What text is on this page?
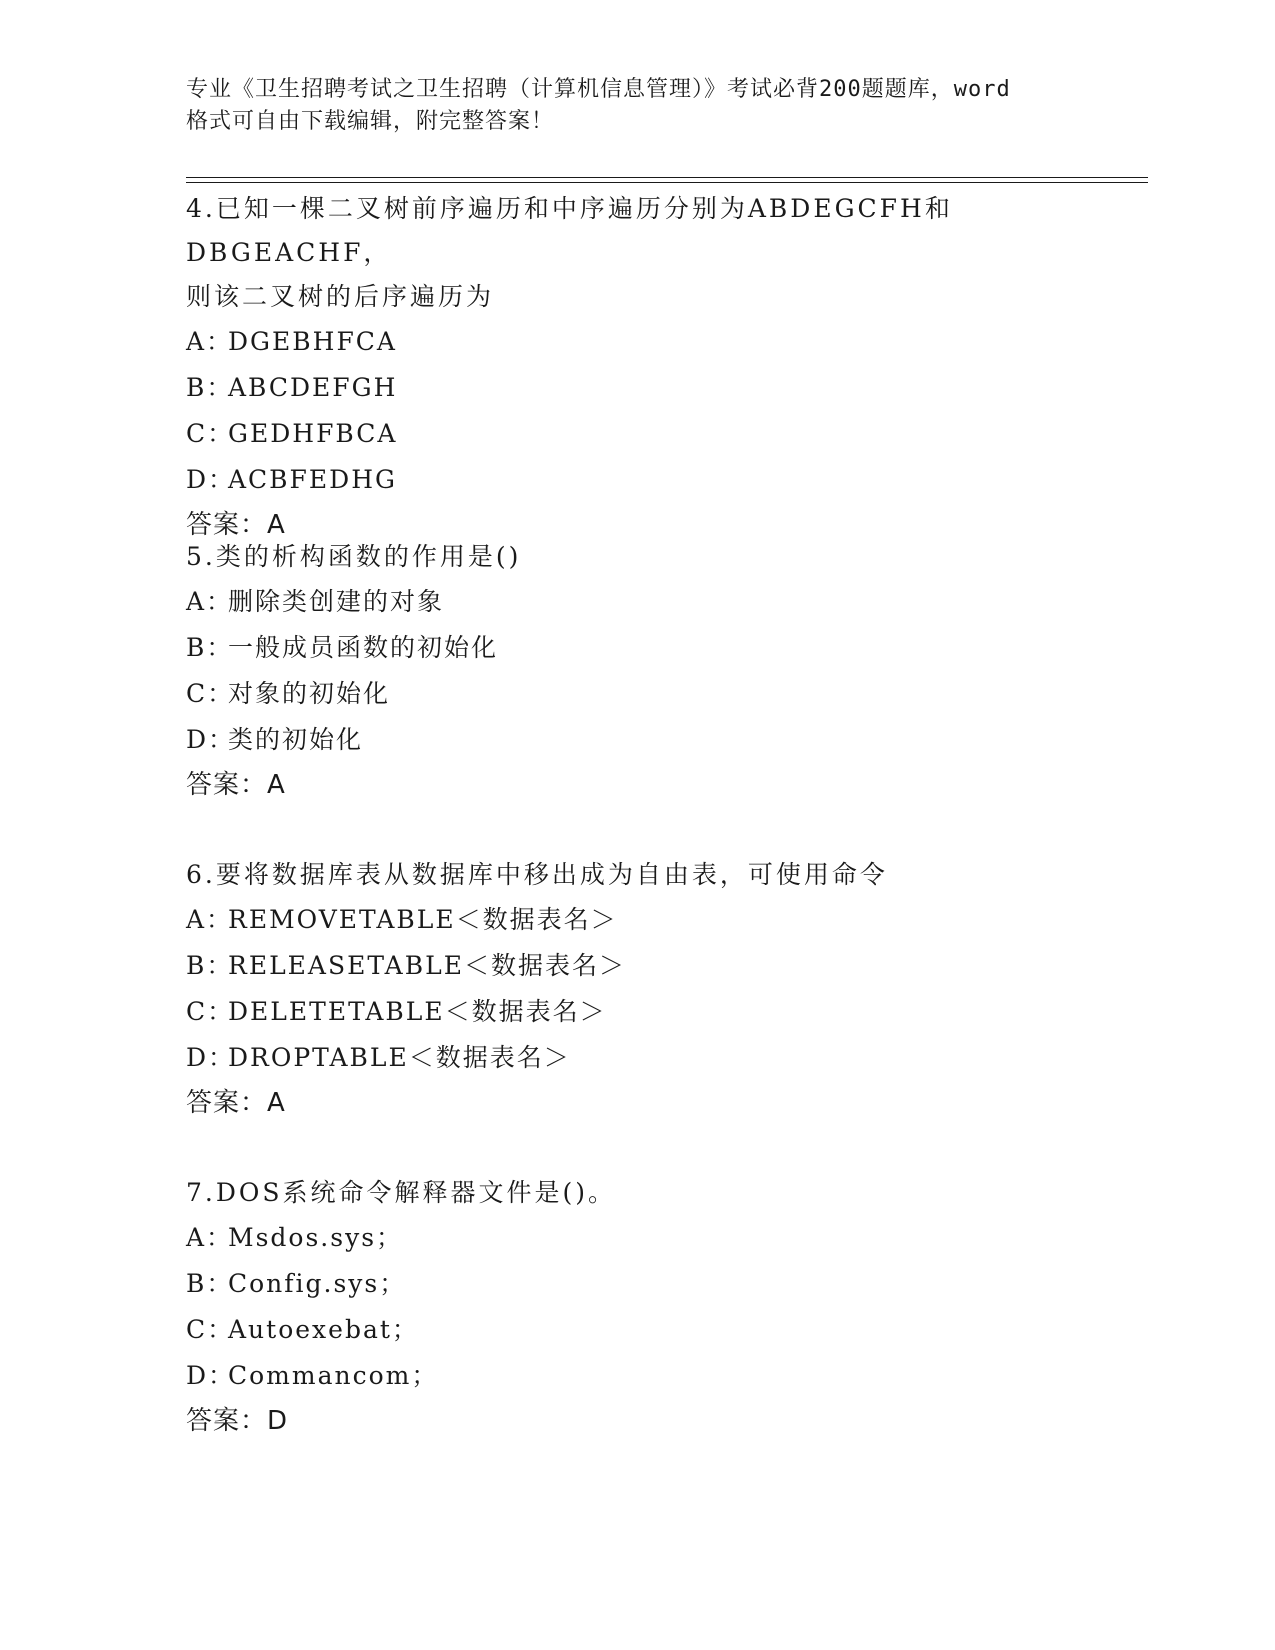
专业《卫生招聘考试之卫生招聘（计算机信息管理）》考试必背200题题库，word
格式可自由下载编辑，附完整答案！

4.已知一棵二叉树前序遍历和中序遍历分别为ABDEGCFH和DBGEACHF，

则该二叉树的后序遍历为

A：
DGEBHFCA
B：
ABCDEFGH
C：
GEDHFBCA
D：
ACBFEDHG

答案：A

5.类的析构函数的作用是()

A：
删除类创建的对象
B：
一般成员函数的初始化
C：
对象的初始化
D：
类的初始化

答案：A

6.要将数据库表从数据库中移出成为自由表，可使用命令

A：
REMOVETABLE＜数据表名＞
B：
RELEASETABLE＜数据表名＞
C：
DELETETABLE＜数据表名＞
D：
DROPTABLE＜数据表名＞

答案：A

7.DOS系统命令解释器文件是()。

A：
Msdos.sys；
B：
Config.sys；
C：
Autoexebat；
D：
Commancom；

答案：D
